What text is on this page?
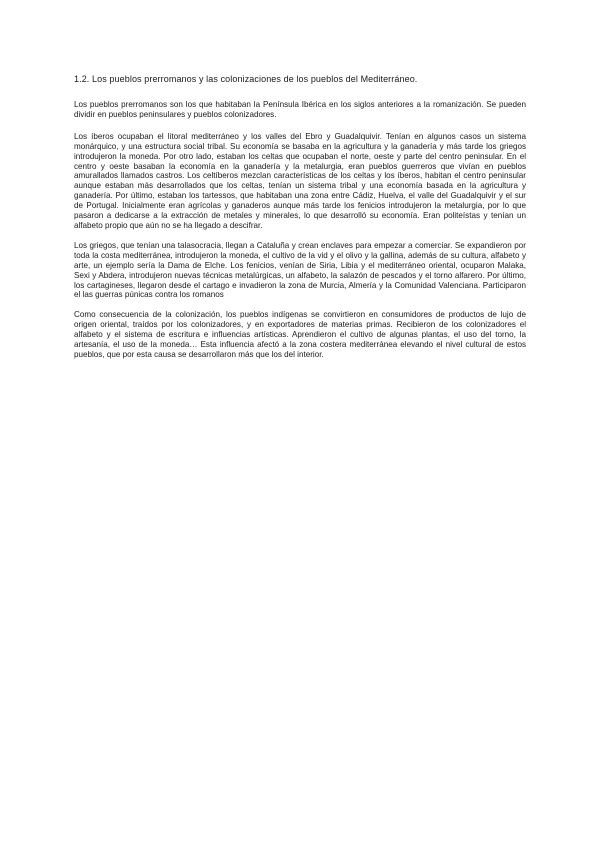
1.2. Los pueblos prerromanos y las colonizaciones de los pueblos del Mediterráneo.

Los pueblos prerromanos son los que habitaban la Península Ibérica en los siglos anteriores a la romanización. Se pueden dividir en pueblos peninsulares y pueblos colonizadores.

Los íberos ocupaban el litoral mediterráneo y los valles del Ebro y Guadalquivir. Tenían en algunos casos un sistema monárquico, y una estructura social tribal. Su economía se basaba en la agricultura y la ganadería y más tarde los griegos introdujeron la moneda. Por otro lado, estaban los celtas que ocupaban el norte, oeste y parte del centro peninsular. En el centro y oeste basaban la economía en la ganadería y la metalurgia, eran pueblos guerreros que vivían en pueblos amurallados llamados castros. Los celtíberos mezclan características de los celtas y los íberos, habitan el centro peninsular aunque estaban más desarrollados que los celtas, tenían un sistema tribal y una economía basada en la agricultura y ganadería. Por último, estaban los tartessos, que habitaban una zona entre Cádiz, Huelva, el valle del Guadalquivir y el sur de Portugal. Inicialmente eran agrícolas y ganaderos aunque más tarde los fenicios introdujeron la metalurgia, por lo que pasaron a dedicarse a la extracción de metales y minerales, lo que desarrolló su economía. Eran politeístas y tenían un alfabeto propio que aún no se ha llegado a descifrar.

Los griegos, que tenían una talasocracia, llegan a Cataluña y crean enclaves para empezar a comerciar. Se expandieron por toda la costa mediterránea, introdujeron la moneda, el cultivo de la vid y el olivo y la gallina, además de su cultura, alfabeto y arte, un ejemplo sería la Dama de Elche. Los fenicios, venían de Siria, Libia y el mediterráneo oriental, ocuparon Malaka, Sexi y Abdera, introdujeron nuevas técnicas metalúrgicas, un alfabeto, la salazón de pescados y el torno alfarero. Por último, los cartagineses, llegaron desde el cartago e invadieron la zona de Murcia, Almería y la Comunidad Valenciana. Participaron el las guerras púnicas contra los romanos

Como consecuencia de la colonización, los pueblos indígenas se convirtieron en consumidores de productos de lujo de origen oriental, traídos por los colonizadores, y en exportadores de materias primas. Recibieron de los colonizadores el alfabeto y el sistema de escritura e influencias artísticas. Aprendieron el cultivo de algunas plantas, el uso del torno, la artesanía, el uso de la moneda… Esta influencia afectó a la zona costera mediterránea elevando el nivel cultural de estos pueblos, que por esta causa se desarrollaron más que los del interior.
